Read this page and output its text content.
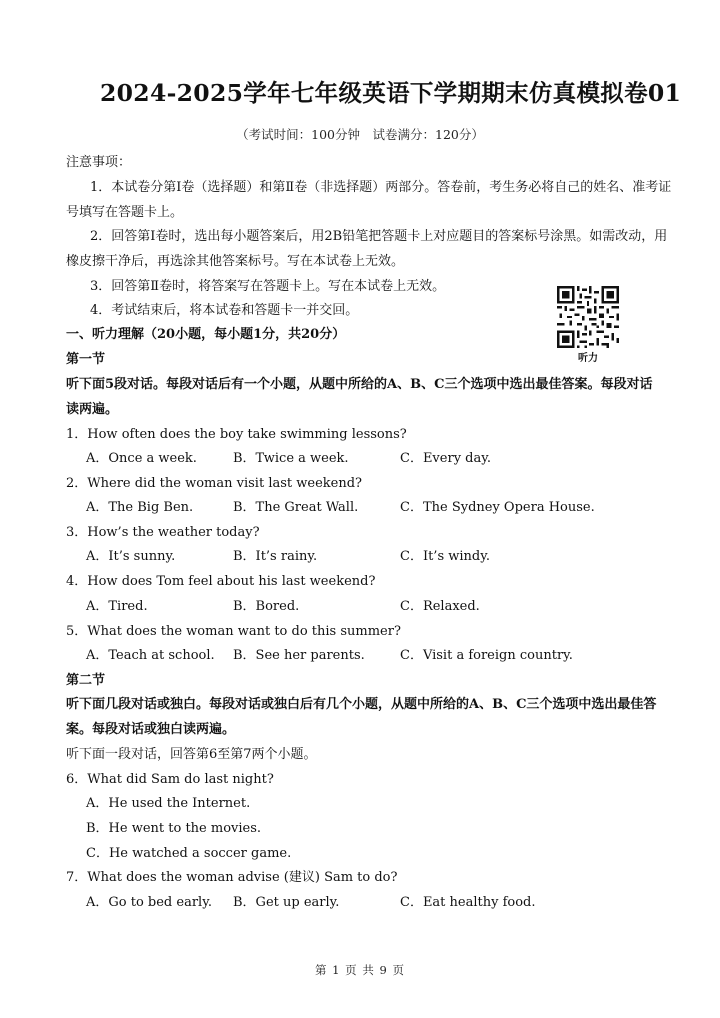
2024-2025学年七年级英语下学期期末仿真模拟卷01
（考试时间：100分钟　试卷满分：120分）
注意事项：
1．本试卷分第Ⅰ卷（选择题）和第Ⅱ卷（非选择题）两部分。答卷前，考生务必将自己的姓名、准考证
号填写在答题卡上。
2．回答第Ⅰ卷时，选出每小题答案后，用2B铅笔把答题卡上对应题目的答案标号涂黑。如需改动，用
橡皮擦干净后，再选涂其他答案标号。写在本试卷上无效。
3．回答第Ⅱ卷时，将答案写在答题卡上。写在本试卷上无效。
4．考试结束后，将本试卷和答题卡一并交回。
听力
一、听力理解（20小题，每小题1分，共20分）
第一节
听下面5段对话。每段对话后有一个小题，从题中所给的A、B、C三个选项中选出最佳答案。每段对话
读两遍。
1．How often does the boy take swimming lessons?
A．Once a week.	B．Twice a week.	C．Every day.
2．Where did the woman visit last weekend?
A．The Big Ben.	B．The Great Wall.	C．The Sydney Opera House.
3．How’s the weather today?
A．It’s sunny.	B．It’s rainy.	C．It’s windy.
4．How does Tom feel about his last weekend?
A．Tired.	B．Bored.	C．Relaxed.
5．What does the woman want to do this summer?
A．Teach at school. B．See her parents.	C．Visit a foreign country.
第二节
听下面几段对话或独白。每段对话或独白后有几个小题，从题中所给的A、B、C三个选项中选出最佳答
案。每段对话或独白读两遍。
听下面一段对话，回答第6至第7两个小题。
6．What did Sam do last night?
A．He used the Internet.
B．He went to the movies.
C．He watched a soccer game.
7．What does the woman advise (建议) Sam to do?
A．Go to bed early. B．Get up early.	C．Eat healthy food.
第 1 页 共 9 页
